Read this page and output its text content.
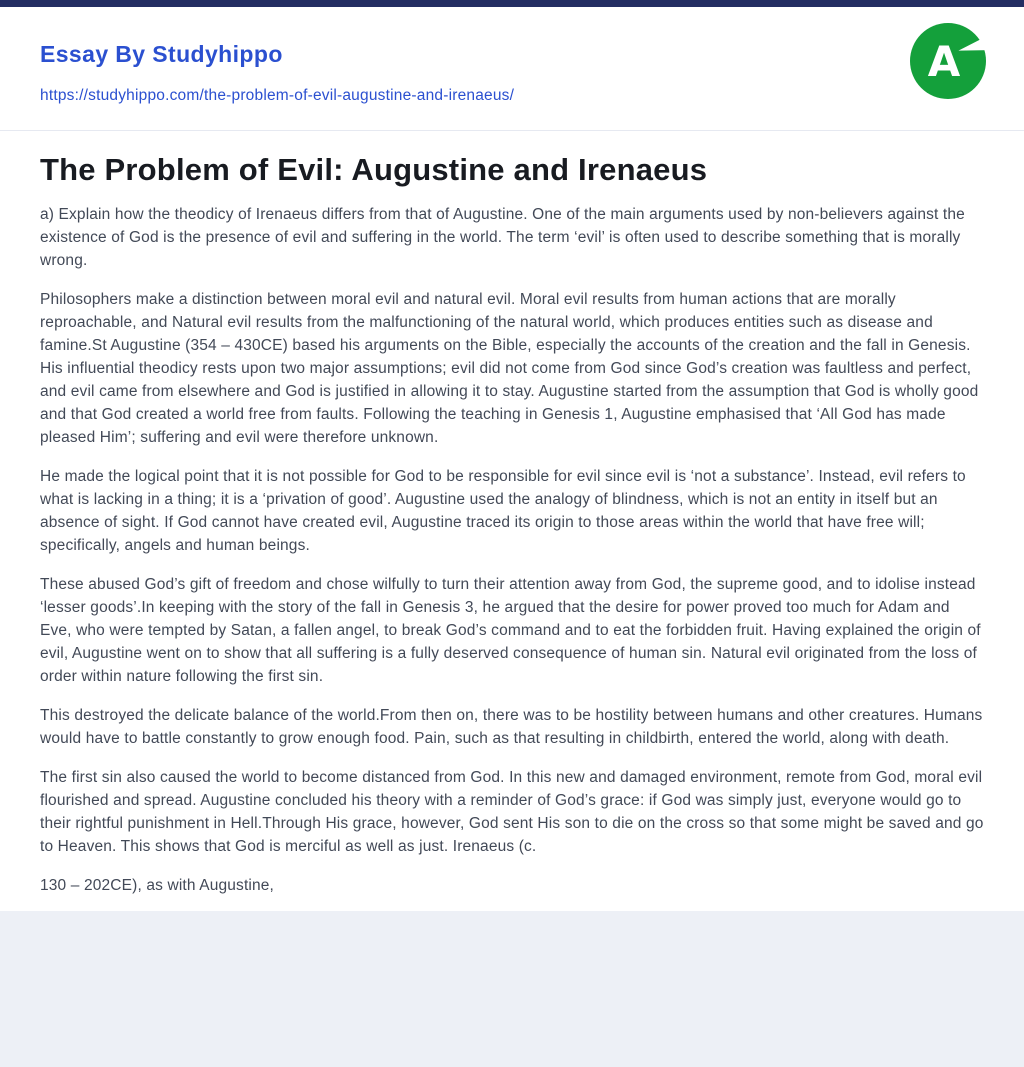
Essay By Studyhippo
https://studyhippo.com/the-problem-of-evil-augustine-and-irenaeus/
A
The Problem of Evil: Augustine and Irenaeus

a) Explain how the theodicy of Irenaeus differs from that of Augustine. One of the main arguments used by non-believers against the existence of God is the presence of evil and suffering in the world. The term ‘evil’ is often used to describe something that is morally wrong.

Philosophers make a distinction between moral evil and natural evil. Moral evil results from human actions that are morally reproachable, and Natural evil results from the malfunctioning of the natural world, which produces entities such as disease and famine.St Augustine (354 – 430CE) based his arguments on the Bible, especially the accounts of the creation and the fall in Genesis. His influential theodicy rests upon two major assumptions; evil did not come from God since God’s creation was faultless and perfect, and evil came from elsewhere and God is justified in allowing it to stay. Augustine started from the assumption that God is wholly good and that God created a world free from faults. Following the teaching in Genesis 1, Augustine emphasised that ‘All God has made pleased Him’; suffering and evil were therefore unknown.

He made the logical point that it is not possible for God to be responsible for evil since evil is ‘not a substance’. Instead, evil refers to what is lacking in a thing; it is a ‘privation of good’. Augustine used the analogy of blindness, which is not an entity in itself but an absence of sight. If God cannot have created evil, Augustine traced its origin to those areas within the world that have free will; specifically, angels and human beings.

These abused God’s gift of freedom and chose wilfully to turn their attention away from God, the supreme good, and to idolise instead ‘lesser goods’.In keeping with the story of the fall in Genesis 3, he argued that the desire for power proved too much for Adam and Eve, who were tempted by Satan, a fallen angel, to break God’s command and to eat the forbidden fruit. Having explained the origin of evil, Augustine went on to show that all suffering is a fully deserved consequence of human sin. Natural evil originated from the loss of order within nature following the first sin.

This destroyed the delicate balance of the world.From then on, there was to be hostility between humans and other creatures. Humans would have to battle constantly to grow enough food. Pain, such as that resulting in childbirth, entered the world, along with death.

The first sin also caused the world to become distanced from God. In this new and damaged environment, remote from God, moral evil flourished and spread. Augustine concluded his theory with a reminder of God’s grace: if God was simply just, everyone would go to their rightful punishment in Hell.Through His grace, however, God sent His son to die on the cross so that some might be saved and go to Heaven. This shows that God is merciful as well as just. Irenaeus (c.

130 – 202CE), as with Augustine,
